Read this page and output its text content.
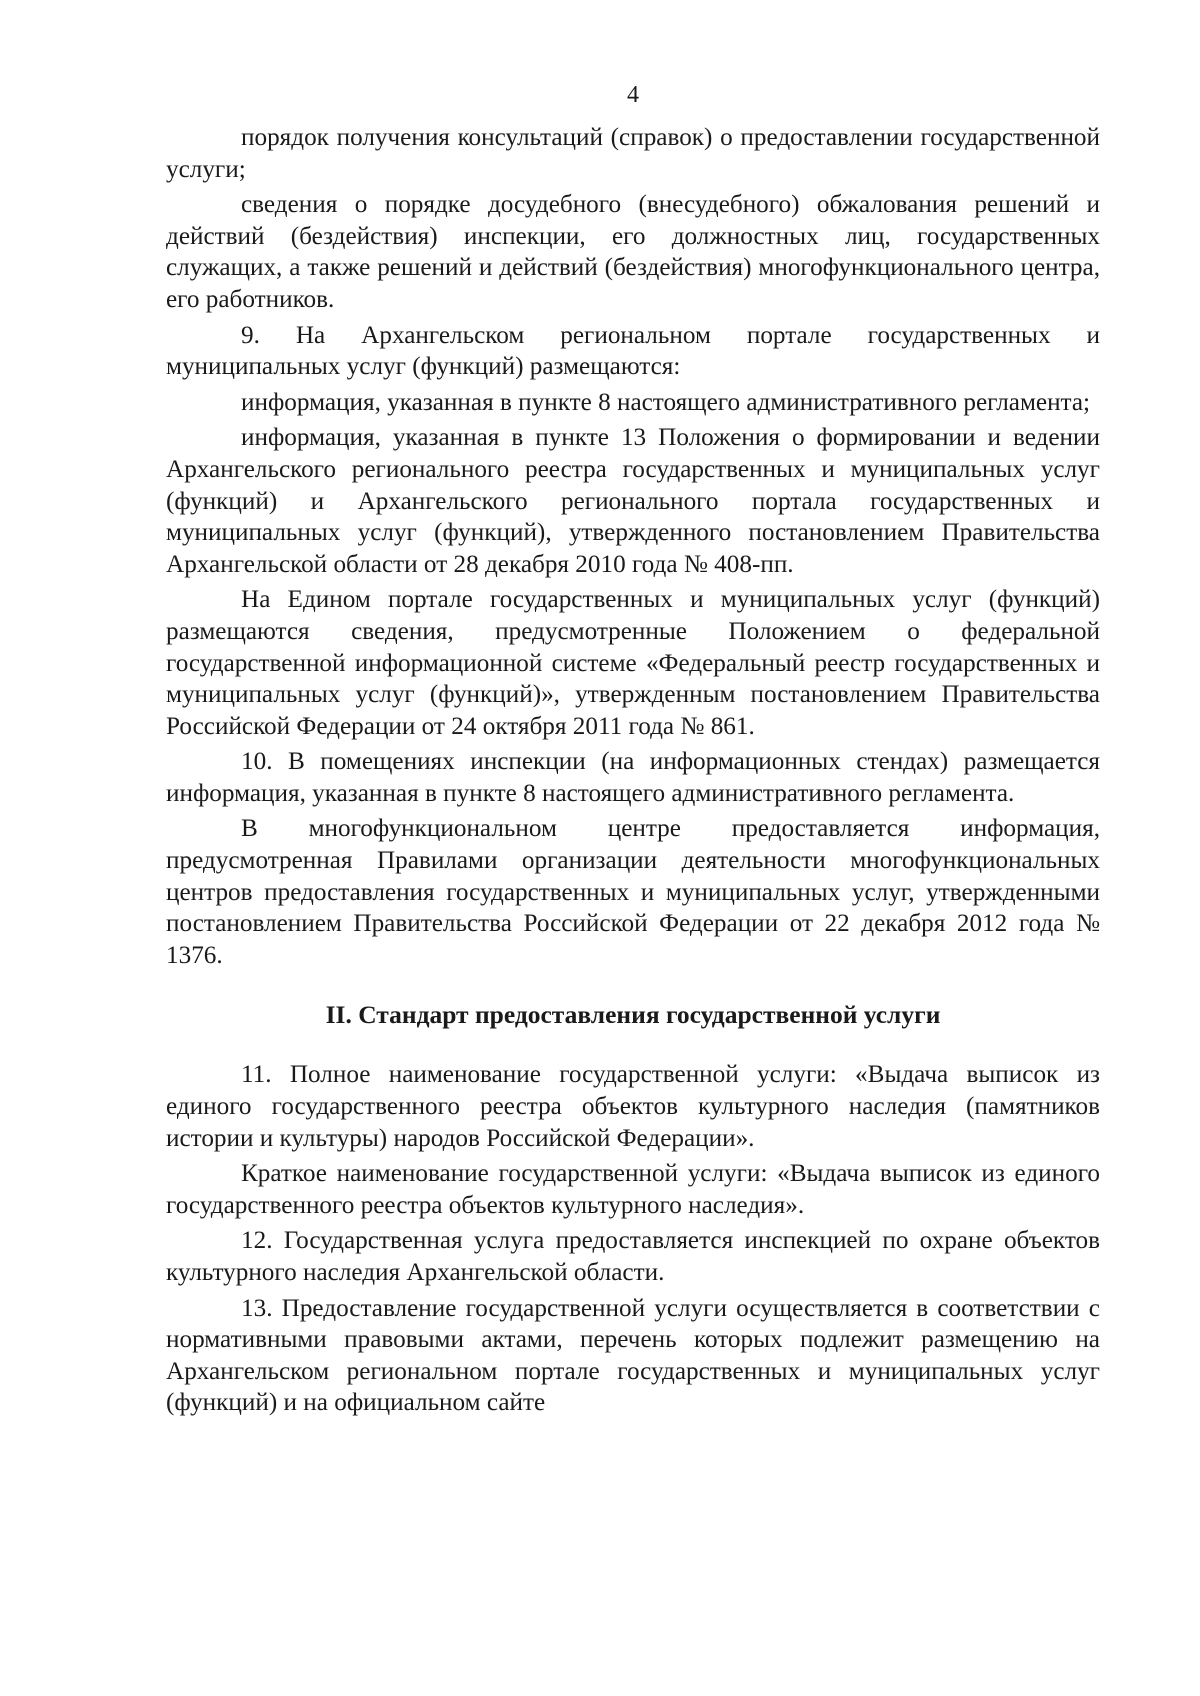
4

порядок получения консультаций (справок) о предоставлении государственной услуги;

сведения о порядке досудебного (внесудебного) обжалования решений и действий (бездействия) инспекции, его должностных лиц, государственных служащих, а также решений и действий (бездействия) многофункционального центра, его работников.

9. На Архангельском региональном портале государственных и муниципальных услуг (функций) размещаются:

информация, указанная в пункте 8 настоящего административного регламента;

информация, указанная в пункте 13 Положения о формировании и ведении Архангельского регионального реестра государственных и муниципальных услуг (функций) и Архангельского регионального портала государственных и муниципальных услуг (функций), утвержденного постановлением Правительства Архангельской области от 28 декабря 2010 года № 408-пп.

На Едином портале государственных и муниципальных услуг (функций) размещаются сведения, предусмотренные Положением о федеральной государственной информационной системе «Федеральный реестр государственных и муниципальных услуг (функций)», утвержденным постановлением Правительства Российской Федерации от 24 октября 2011 года № 861.

10. В помещениях инспекции (на информационных стендах) размещается информация, указанная в пункте 8 настоящего административного регламента.

В многофункциональном центре предоставляется информация, предусмотренная Правилами организации деятельности многофункциональных центров предоставления государственных и муниципальных услуг, утвержденными постановлением Правительства Российской Федерации от 22 декабря 2012 года № 1376.

II. Стандарт предоставления государственной услуги

11. Полное наименование государственной услуги: «Выдача выписок из единого государственного реестра объектов культурного наследия (памятников истории и культуры) народов Российской Федерации».

Краткое наименование государственной услуги: «Выдача выписок из единого государственного реестра объектов культурного наследия».

12. Государственная услуга предоставляется инспекцией по охране объектов культурного наследия Архангельской области.

13. Предоставление государственной услуги осуществляется в соответствии с нормативными правовыми актами, перечень которых подлежит размещению на Архангельском региональном портале государственных и муниципальных услуг (функций) и на официальном сайте
